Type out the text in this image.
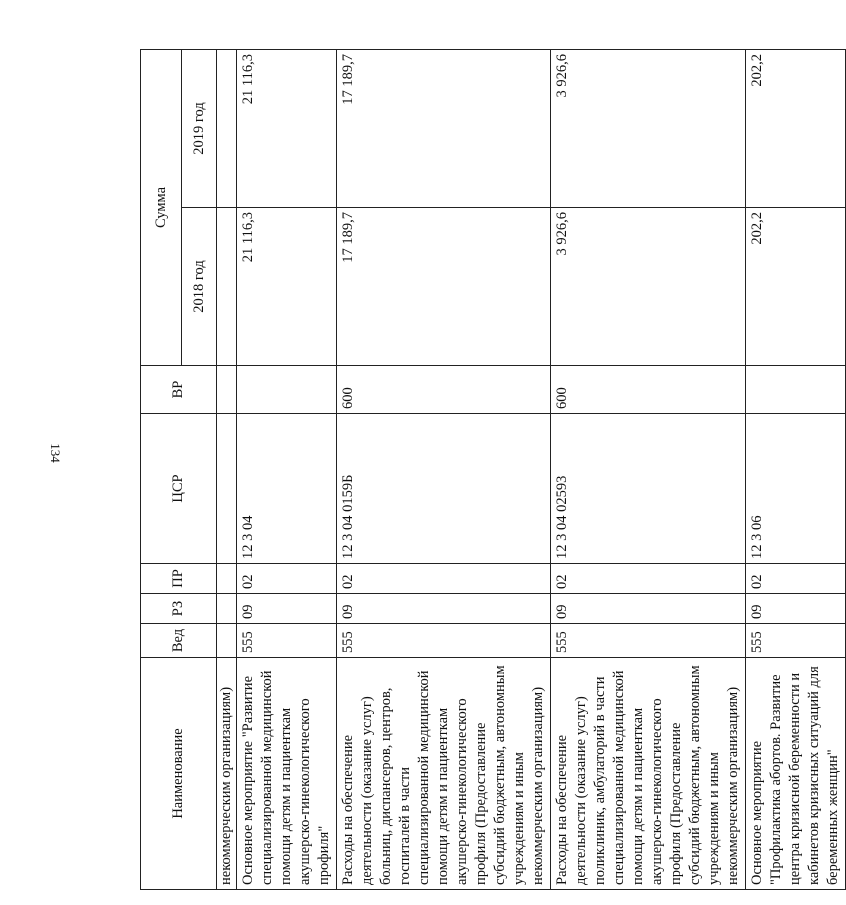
134
Наименование	Вед	РЗ	ПР	ЦСР	ВР	Сумма	
						2018 год	2019 год
некоммерческим организациям)							
Основное мероприятие "Развитие специализированной медицинской помощи детям и пациенткам акушерско-гинекологического профиля"	555	09	02	12 3 04		21 116,3	21 116,3
Расходы на обеспечение деятельности (оказание услуг) больниц, диспансеров, центров, госпиталей в части специализированной медицинской помощи детям и пациенткам акушерско-гинекологического профиля (Предоставление субсидий бюджетным, автономным учреждениям и иным некоммерческим организациям)	555	09	02	12 3 04 0159Б	600	17 189,7	17 189,7
Расходы на обеспечение деятельности (оказание услуг) поликлиник, амбулаторий в части специализированной медицинской помощи детям и пациенткам акушерско-гинекологического профиля (Предоставление субсидий бюджетным, автономным учреждениям и иным некоммерческим организациям)	555	09	02	12 3 04 02593	600	3 926,6	3 926,6
Основное мероприятие "Профилактика абортов. Развитие центра кризисной беременности и кабинетов кризисных ситуаций для беременных женщин"	555	09	02	12 3 06		202,2	202,2
